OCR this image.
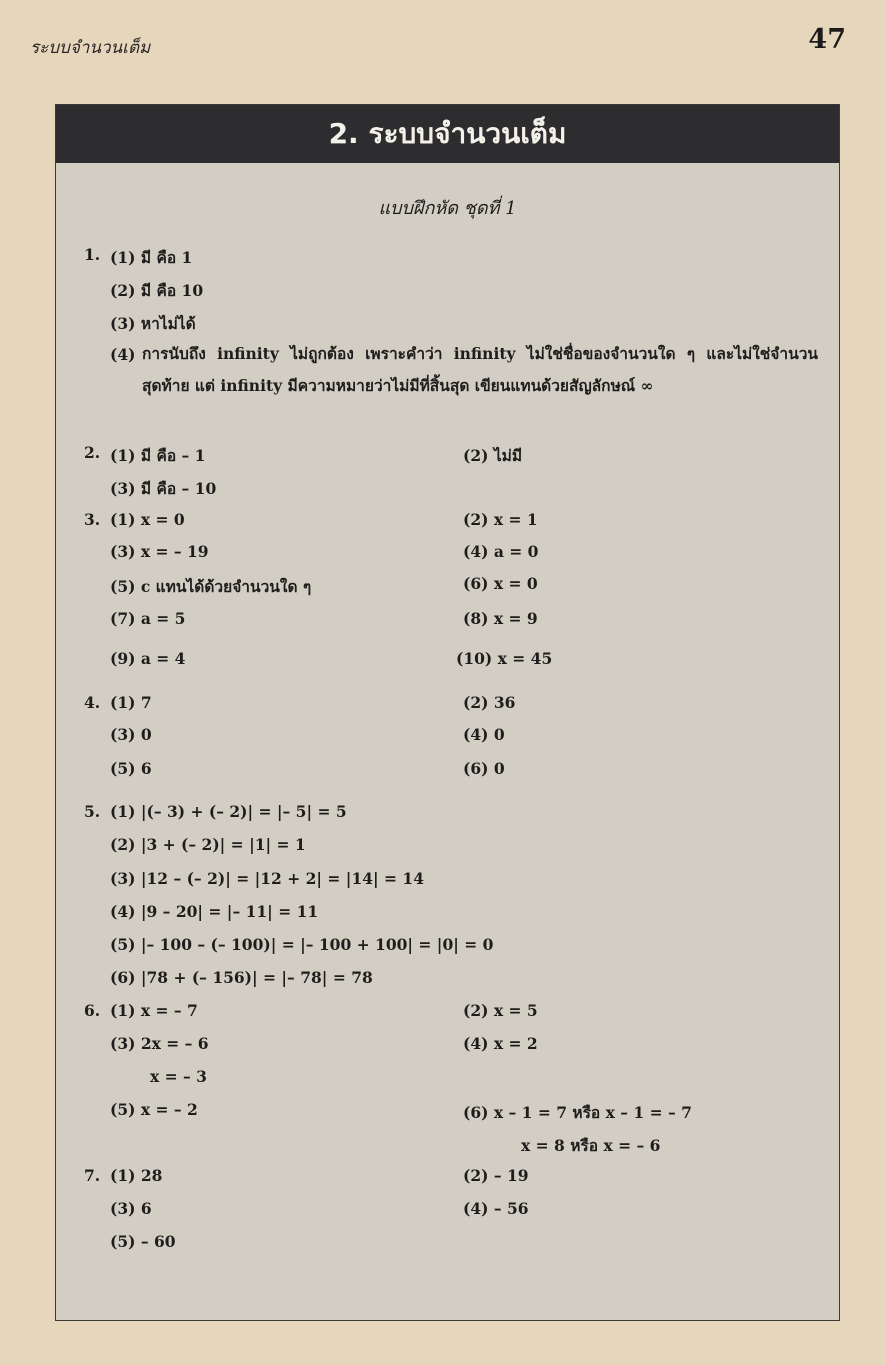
ระบบจำนวนเต็ม	47
2. ระบบจำนวนเต็ม
แบบฝึกหัด ชุดที่ 1
1. (1) มี คือ 1
(2) มี คือ 10
(3) หาไม่ได้
(4) การนับถึง infinity ไม่ถูกต้อง เพราะคำว่า infinity ไม่ใช่ชื่อของจำนวนใด ๆ และไม่ใช่จำนวนสุดท้าย แต่ infinity มีความหมายว่าไม่มีที่สิ้นสุด เขียนแทนด้วยสัญลักษณ์ ∞
2. (1) มี คือ – 1	(2) ไม่มี
(3) มี คือ – 10
3. (1) x = 0	(2) x = 1
(3) x = – 19	(4) a = 0
(5) c แทนได้ด้วยจำนวนใด ๆ	(6) x = 0
(7) a = 5	(8) x = 9
(9) a = 4	(10) x = 45
4. (1) 7	(2) 36
(3) 0	(4) 0
(5) 6	(6) 0
5. (1) |(– 3) + (– 2)| = |– 5| = 5
(2) |3 + (– 2)| = |1| = 1
(3) |12 – (– 2)| = |12 + 2| = |14| = 14
(4) |9 – 20| = |– 11| = 11
(5) |– 100 – (– 100)| = |– 100 + 100| = |0| = 0
(6) |78 + (– 156)| = |– 78| = 78
6. (1) x = – 7	(2) x = 5
(3) 2x = – 6	(4) x = 2
x = – 3
(5) x = – 2	(6) x – 1 = 7 หรือ x – 1 = – 7
x = 8 หรือ x = – 6
7. (1) 28	(2) – 19
(3) 6	(4) – 56
(5) – 60
